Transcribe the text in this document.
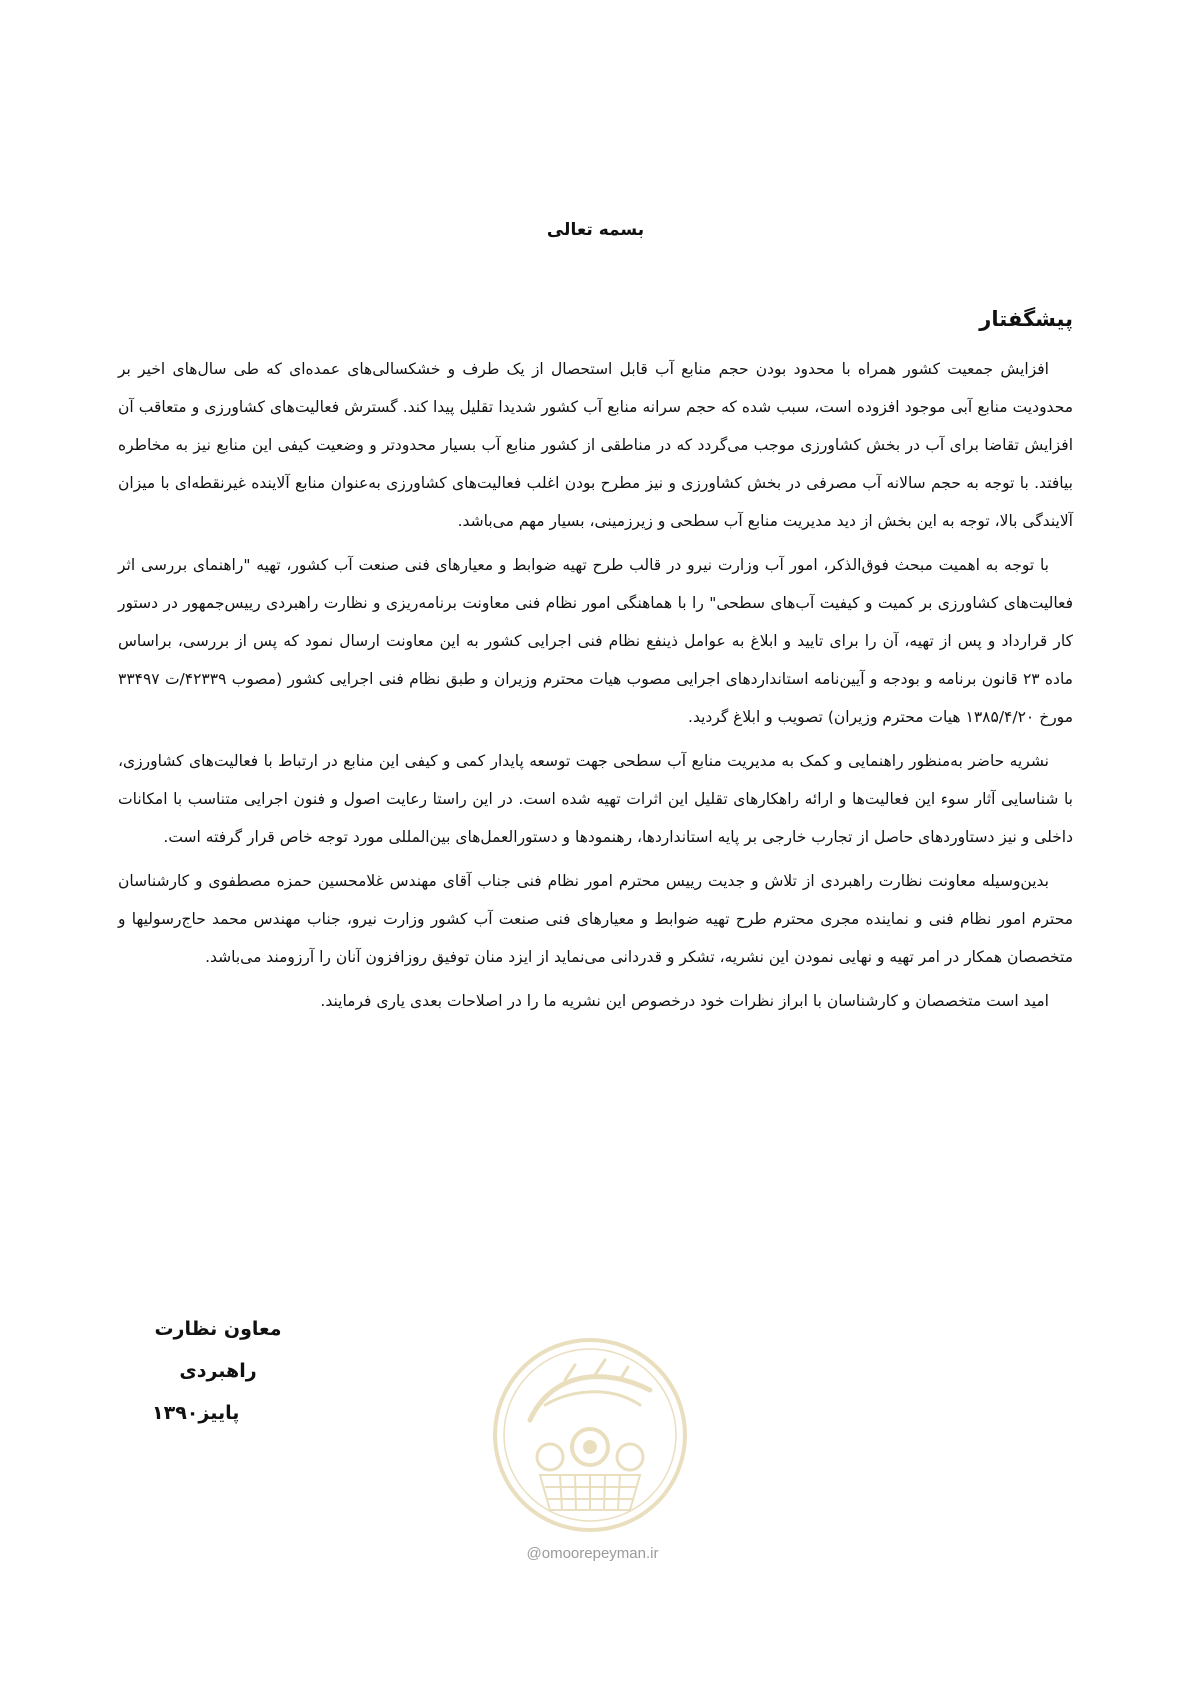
بسمه تعالی
پیشگفتار

افزایش جمعیت کشور همراه با محدود بودن حجم منابع آب قابل استحصال از یک طرف و خشکسالی‌های عمده‌ای که طی سال‌های اخیر بر محدودیت منابع آبی موجود افزوده است، سبب شده که حجم سرانه منابع آب کشور شدیدا تقلیل پیدا کند. گسترش فعالیت‌های کشاورزی و متعاقب آن افزایش تقاضا برای آب در بخش کشاورزی موجب می‌گردد که در مناطقی از کشور منابع آب بسیار محدودتر و وضعیت کیفی این منابع نیز به مخاطره بیافتد. با توجه به حجم سالانه آب مصرفی در بخش کشاورزی و نیز مطرح بودن اغلب فعالیت‌های کشاورزی به‌عنوان منابع آلاینده غیرنقطه‌ای با میزان آلایندگی بالا، توجه به این بخش از دید مدیریت منابع آب سطحی و زیرزمینی، بسیار مهم می‌باشد.

با توجه به اهمیت مبحث فوق‌الذکر، امور آب وزارت نیرو در قالب طرح تهیه ضوابط و معیارهای فنی صنعت آب کشور، تهیه "راهنمای بررسی اثر فعالیت‌های کشاورزی بر کمیت و کیفیت آب‌های سطحی" را با هماهنگی امور نظام فنی معاونت برنامه‌ریزی و نظارت راهبردی رییس‌جمهور در دستور کار قرارداد و پس از تهیه، آن را برای تایید و ابلاغ به عوامل ذینفع نظام فنی اجرایی کشور به این معاونت ارسال نمود که پس از بررسی، براساس ماده ۲۳ قانون برنامه و بودجه و آیین‌نامه استانداردهای اجرایی مصوب هیات محترم وزیران و طبق نظام فنی اجرایی کشور (مصوب ۴۲۳۳۹/ت ۳۳۴۹۷ مورخ ۱۳۸۵/۴/۲۰ هیات محترم وزیران) تصویب و ابلاغ گردید.

نشریه حاضر به‌منظور راهنمایی و کمک به مدیریت منابع آب سطحی جهت توسعه پایدار کمی و کیفی این منابع در ارتباط با فعالیت‌های کشاورزی، با شناسایی آثار سوء این فعالیت‌ها و ارائه راهکارهای تقلیل این اثرات تهیه شده است. در این راستا رعایت اصول و فنون اجرایی متناسب با امکانات داخلی و نیز دستاوردهای حاصل از تجارب خارجی بر پایه استانداردها، رهنمودها و دستورالعمل‌های بین‌المللی مورد توجه خاص قرار گرفته است.

بدین‌وسیله معاونت نظارت راهبردی از تلاش و جدیت رییس محترم امور نظام فنی جناب آقای مهندس غلامحسین حمزه مصطفوی و کارشناسان محترم امور نظام فنی و نماینده مجری محترم طرح تهیه ضوابط و معیارهای فنی صنعت آب کشور وزارت نیرو، جناب مهندس محمد حاج‌رسولیها و متخصصان همکار در امر تهیه و نهایی نمودن این نشریه، تشکر و قدردانی می‌نماید از ایزد منان توفیق روزافزون آنان را آرزومند می‌باشد.

امید است متخصصان و کارشناسان با ابراز نظرات خود درخصوص این نشریه ما را در اصلاحات بعدی یاری فرمایند.

معاون نظارت راهبردی
پاییز۱۳۹۰
@omoorepeyman.ir
